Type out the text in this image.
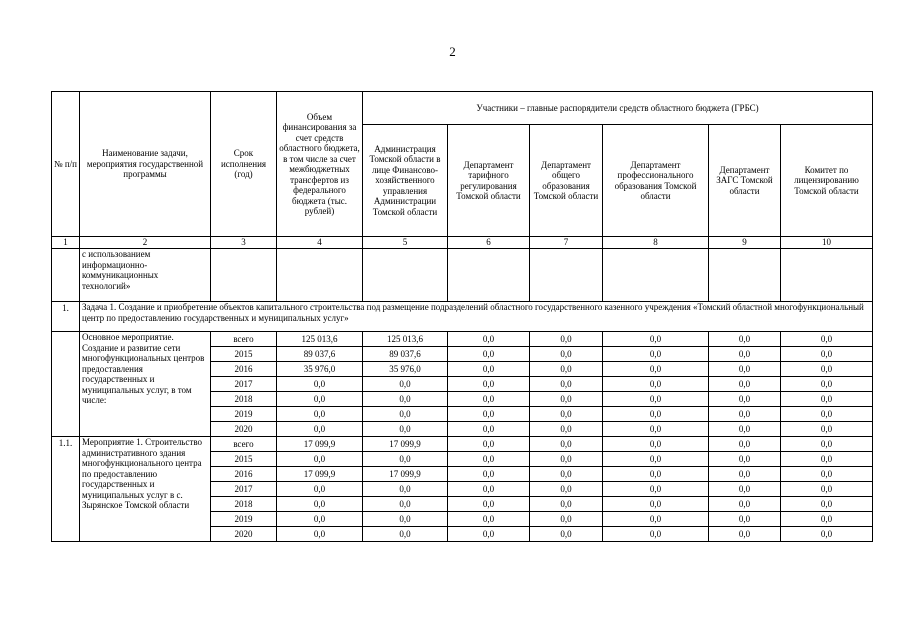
2
№ п/п	Наименование задачи, мероприятия государственной программы	Срок исполнения (год)	Объем финансирования за счет средств областного бюджета, в том числе за счет межбюджетных трансфертов из федерального бюджета (тыс. рублей)	Участники – главные распорядители средств областного бюджета (ГРБС)					
				Администрация Томской области в лице Финансово-хозяйственного управления Администрации Томской области	Департамент тарифного регулирования Томской области	Департамент общего образования Томской области	Департамент профессионального образования Томской области	Департамент ЗАГС Томской области	Комитет по лицензированию Томской области
1	2	3	4	5	6	7	8	9	10
	с использованием информационно-коммуникационных технологий»								
1.	Задача 1. Создание и приобретение объектов капитального строительства под размещение подразделений областного государственного казенного учреждения «Томский областной многофункциональный центр по предоставлению государственных и муниципальных услуг»								
	Основное мероприятие. Создание и развитие сети многофункциональных центров предоставления государственных и муниципальных услуг, в том числе:	всего	125 013,6	125 013,6	0,0	0,0	0,0	0,0	0,0
		2015	89 037,6	89 037,6	0,0	0,0	0,0	0,0	0,0
		2016	35 976,0	35 976,0	0,0	0,0	0,0	0,0	0,0
		2017	0,0	0,0	0,0	0,0	0,0	0,0	0,0
		2018	0,0	0,0	0,0	0,0	0,0	0,0	0,0
		2019	0,0	0,0	0,0	0,0	0,0	0,0	0,0
		2020	0,0	0,0	0,0	0,0	0,0	0,0	0,0
1.1.	Мероприятие 1. Строительство административного здания многофункционального центра по предоставлению государственных и муниципальных услуг в с. Зырянское Томской области	всего	17 099,9	17 099,9	0,0	0,0	0,0	0,0	0,0
		2015	0,0	0,0	0,0	0,0	0,0	0,0	0,0
		2016	17 099,9	17 099,9	0,0	0,0	0,0	0,0	0,0
		2017	0,0	0,0	0,0	0,0	0,0	0,0	0,0
		2018	0,0	0,0	0,0	0,0	0,0	0,0	0,0
		2019	0,0	0,0	0,0	0,0	0,0	0,0	0,0
		2020	0,0	0,0	0,0	0,0	0,0	0,0	0,0
